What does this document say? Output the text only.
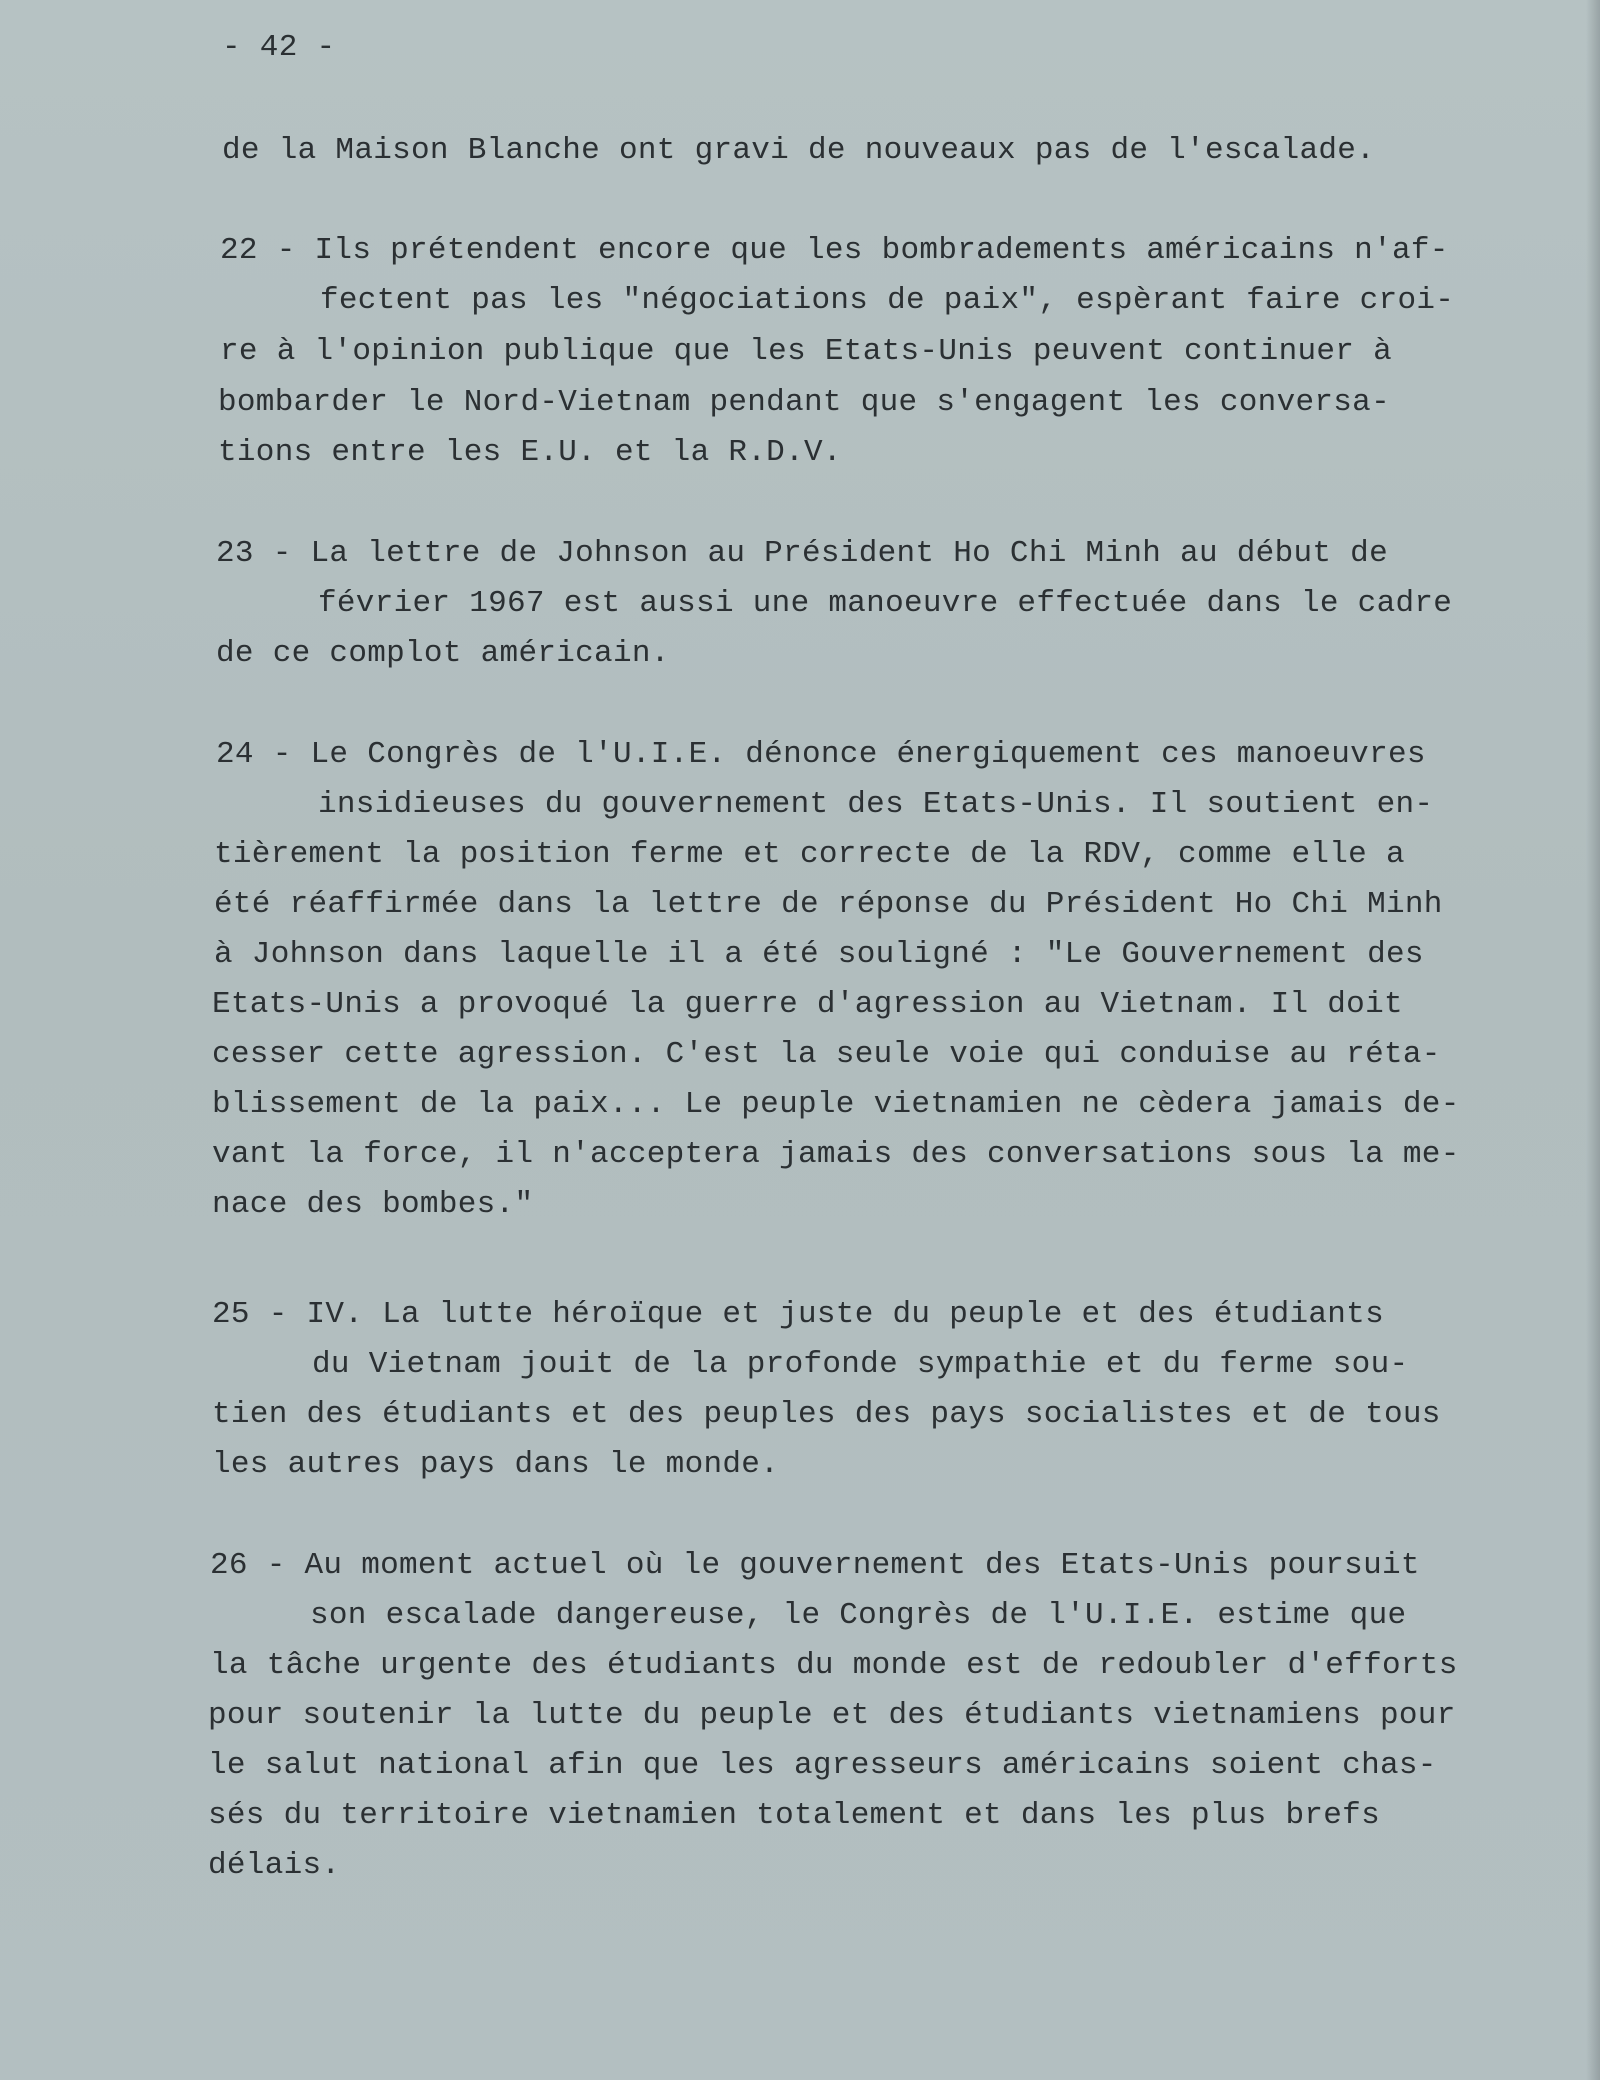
- 42 -
de la Maison Blanche ont gravi de nouveaux pas de l'escalade.
22 - Ils prétendent encore que les bombradements américains n'af-
fectent pas les "négociations de paix", espèrant faire croi-
re à l'opinion publique que les Etats-Unis peuvent continuer à
bombarder le Nord-Vietnam pendant que s'engagent les conversa-
tions entre les E.U. et la R.D.V.
23 - La lettre de Johnson au Président Ho Chi Minh au début de
février 1967 est aussi une manoeuvre effectuée dans le cadre
de ce complot américain.
24 - Le Congrès de l'U.I.E. dénonce énergiquement ces manoeuvres
insidieuses du gouvernement des Etats-Unis. Il soutient en-
tièrement la position ferme et correcte de la RDV, comme elle a
été réaffirmée dans la lettre de réponse du Président Ho Chi Minh
à Johnson dans laquelle il a été souligné : "Le Gouvernement des
Etats-Unis a provoqué la guerre d'agression au Vietnam. Il doit
cesser cette agression. C'est la seule voie qui conduise au réta-
blissement de la paix... Le peuple vietnamien ne cèdera jamais de-
vant la force, il n'acceptera jamais des conversations sous la me-
nace des bombes."
25 - IV. La lutte héroïque et juste du peuple et des étudiants
du Vietnam jouit de la profonde sympathie et du ferme sou-
tien des étudiants et des peuples des pays socialistes et de tous
les autres pays dans le monde.
26 - Au moment actuel où le gouvernement des Etats-Unis poursuit
son escalade dangereuse, le Congrès de l'U.I.E. estime que
la tâche urgente des étudiants du monde est de redoubler d'efforts
pour soutenir la lutte du peuple et des étudiants vietnamiens pour
le salut national afin que les agresseurs américains soient chas-
sés du territoire vietnamien totalement et dans les plus brefs
délais.
